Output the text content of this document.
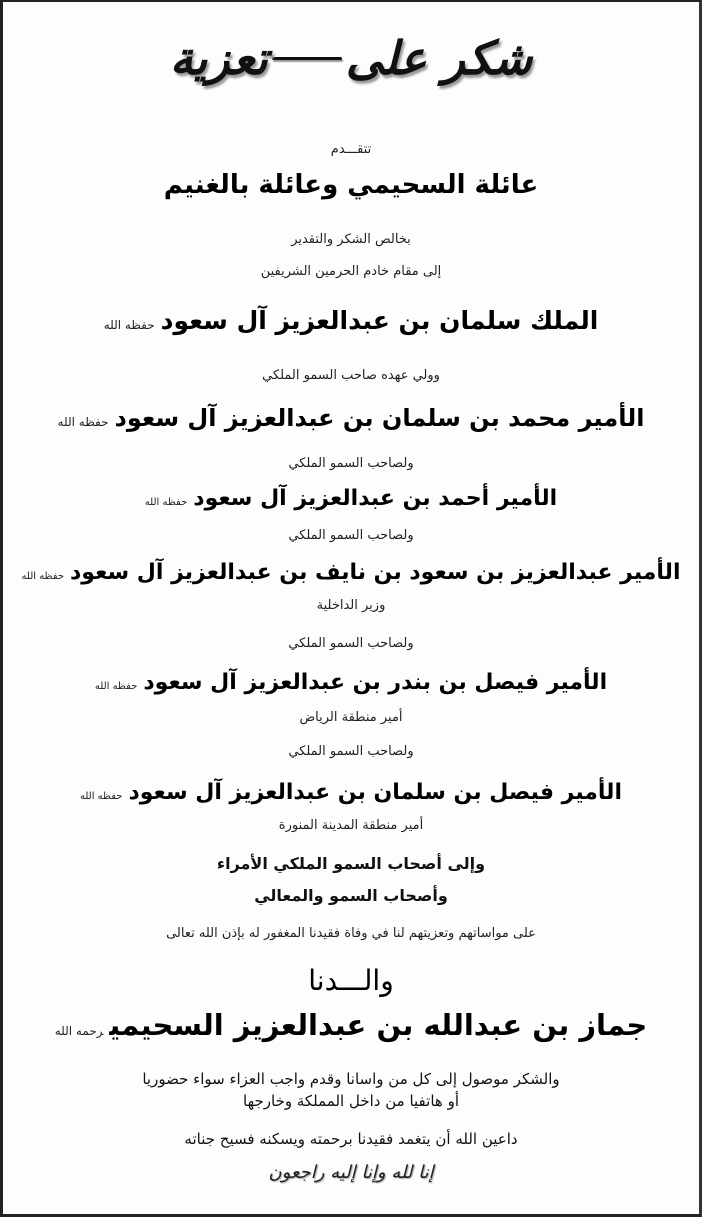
شكر على
تعزية
تتقـــدم
عائلة السحيمي وعائلة بالغنيم
بخالص الشكر والتقدير
إلى مقام خادم الحرمين الشريفين
الملك سلمان بن عبدالعزيز آل سعودحفظه الله
وولي عهده صاحب السمو الملكي
الأمير محمد بن سلمان بن عبدالعزيز آل سعودحفظه الله
ولصاحب السمو الملكي
الأمير أحمد بن عبدالعزيز آل سعودحفظه الله
ولصاحب السمو الملكي
الأمير عبدالعزيز بن سعود بن نايف بن عبدالعزيز آل سعودحفظه الله
وزير الداخلية
ولصاحب السمو الملكي
الأمير فيصل بن بندر بن عبدالعزيز آل سعودحفظه الله
أمير منطقة الرياض
ولصاحب السمو الملكي
الأمير فيصل بن سلمان بن عبدالعزيز آل سعودحفظه الله
أمير منطقة المدينة المنورة
وإلى أصحاب السمو الملكي الأمراء
وأصحاب السمو والمعالي
على مواساتهم وتعزيتهم لنا في وفاة فقيدنا المغفور له بإذن الله تعالى
والـــدنا
جماز بن عبدالله بن عبدالعزيز السحيميرحمه الله
والشكر موصول إلى كل من واسانا وقدم واجب العزاء سواء حضوريا
أو هاتفيا من داخل المملكة وخارجها
داعين الله أن يتغمد فقيدنا برحمته ويسكنه فسيح جناته
إنا لله وإنا إليه راجعون
